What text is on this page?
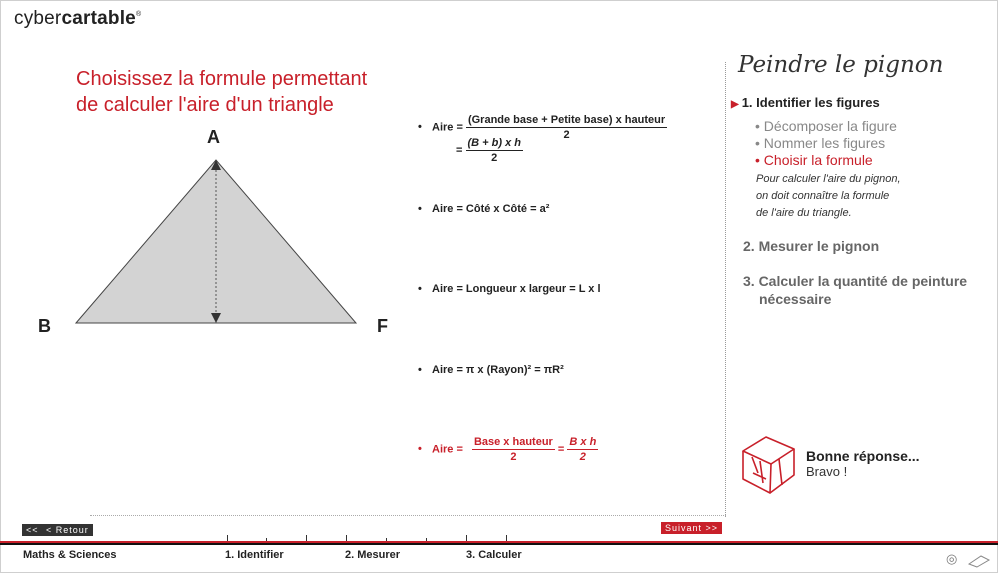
cybercartable®
Choisissez la formule permettant
de calculer l'aire d'un triangle
A
B	F
• Aire = $\frac{\text{(Grande base + Petite base) x hauteur}}{2}$
= $\frac{\text{(B + b) x h}}{2}$
• Aire = Côté x Côté = a²
• Aire = Longueur x largeur = L x l
• Aire = π x (Rayon)² = πR²
• Aire = $\frac{\text{Base x hauteur}}{2} = \frac{\text{B x h}}{2}$
Peindre le pignon
▶ 1. Identifier les figures
• Décomposer la figure
• Nommer les figures
• Choisir la formule
Pour calculer l'aire du pignon,
on doit connaître la formule
de l'aire du triangle.
2. Mesurer le pignon
3. Calculer la quantité de peinture
nécessaire
Bonne réponse...
Bravo !
<< < Retour	Suivant >>
Maths & Sciences	1. Identifier	2. Mesurer	3. Calculer	◎
